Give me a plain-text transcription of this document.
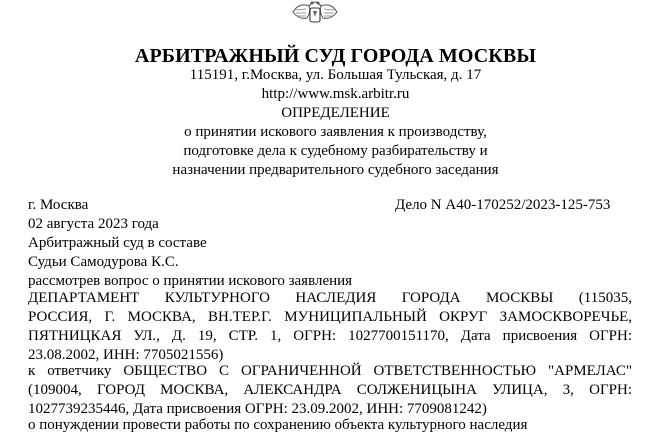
АРБИТРАЖНЫЙ СУД ГОРОДА МОСКВЫ
115191, г.Москва, ул. Большая Тульская, д. 17
http://www.msk.arbitr.ru
ОПРЕДЕЛЕНИЕ
о принятии искового заявления к производству,
подготовке дела к судебному разбирательству и
назначении предварительного судебного заседания
г. Москва	Дело N А40-170252/2023-125-753
02 августа 2023 года
Арбитражный суд в составе
Судьи Самодурова К.С.
рассмотрев вопрос о принятии искового заявления
ДЕПАРТАМЕНТ КУЛЬТУРНОГО НАСЛЕДИЯ ГОРОДА МОСКВЫ (115035,
РОССИЯ, Г. МОСКВА, ВН.ТЕР.Г. МУНИЦИПАЛЬНЫЙ ОКРУГ ЗАМОСКВОРЕЧЬЕ,
ПЯТНИЦКАЯ УЛ., Д. 19, СТР. 1, ОГРН: 1027700151170, Дата присвоения ОГРН:
23.08.2002, ИНН: 7705021556)
к ответчику ОБЩЕСТВО С ОГРАНИЧЕННОЙ ОТВЕТСТВЕННОСТЬЮ "АРМЕЛАС"
(109004, ГОРОД МОСКВА, АЛЕКСАНДРА СОЛЖЕНИЦЫНА УЛИЦА, 3, ОГРН:
1027739235446, Дата присвоения ОГРН: 23.09.2002, ИНН: 7709081242)
о понуждении провести работы по сохранению объекта культурного наследия
